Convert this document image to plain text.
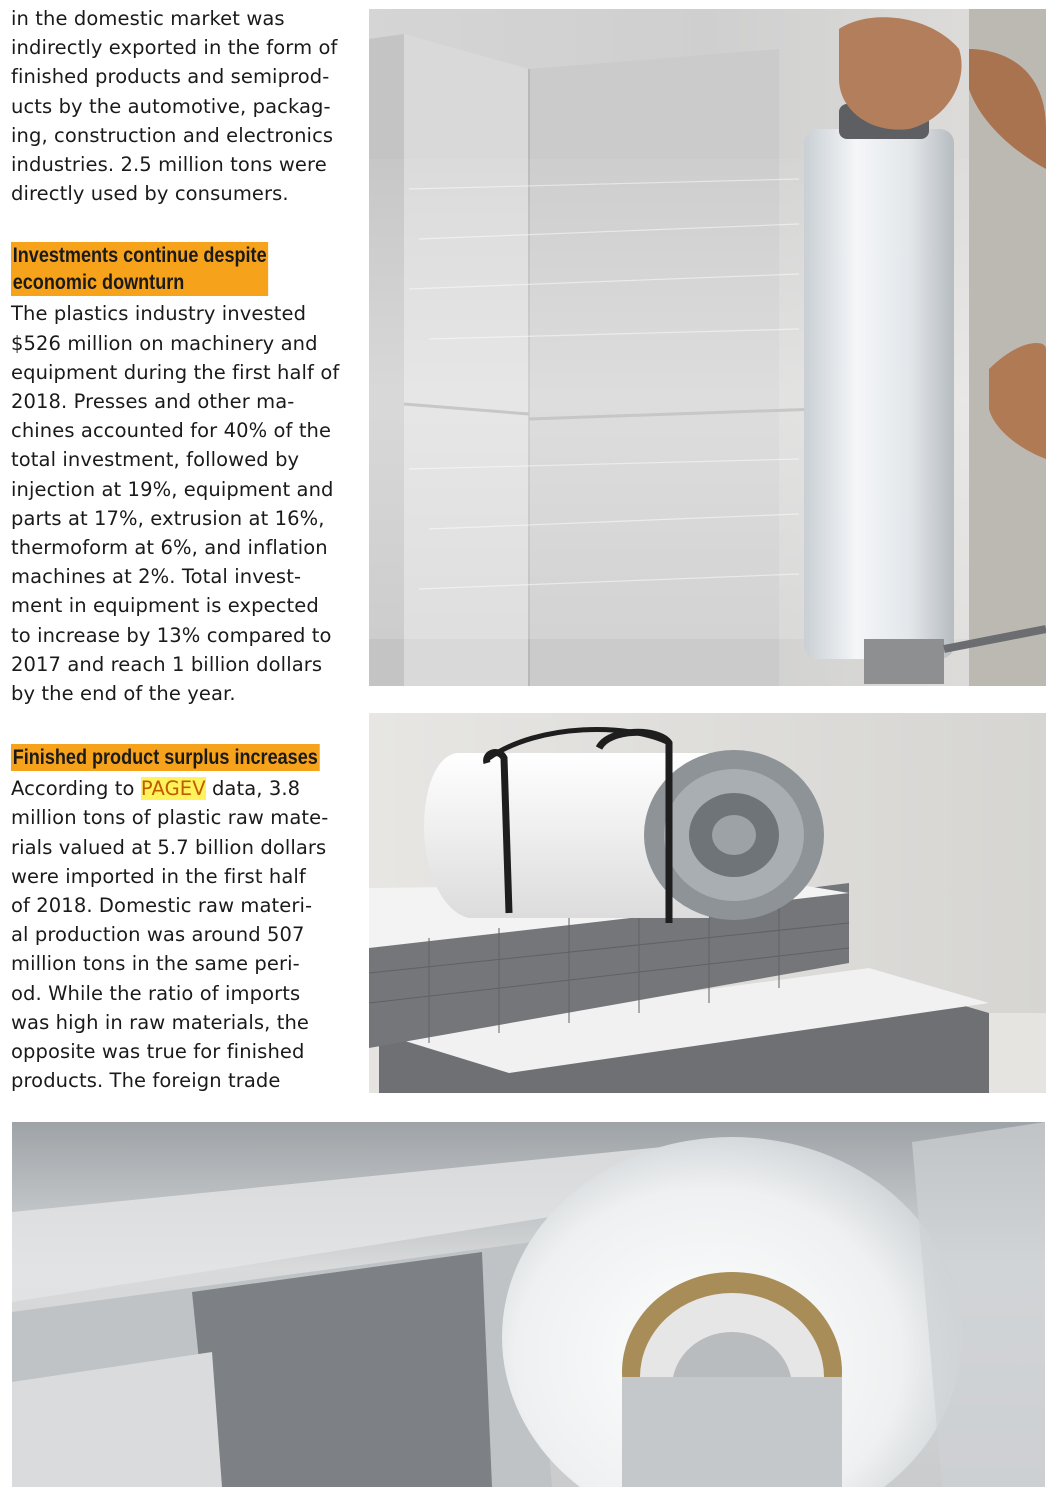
in the domestic market was
indirectly exported in the form of
finished products and semiprod-
ucts by the automotive, packag-
ing, construction and electronics
industries. 2.5 million tons were
directly used by consumers.

Investments continue despite
economic downturn

The plastics industry invested
$526 million on machinery and
equipment during the first half of
2018. Presses and other ma-
chines accounted for 40% of the
total investment, followed by
injection at 19%, equipment and
parts at 17%, extrusion at 16%,
thermoform at 6%, and inflation
machines at 2%. Total invest-
ment in equipment is expected
to increase by 13% compared to
2017 and reach 1 billion dollars
by the end of the year.

Finished product surplus increases

According to PAGEV data, 3.8
million tons of plastic raw mate-
rials valued at 5.7 billion dollars
were imported in the first half
of 2018. Domestic raw materi-
al production was around 507
million tons in the same peri-
od. While the ratio of imports
was high in raw materials, the
opposite was true for finished
products. The foreign trade
